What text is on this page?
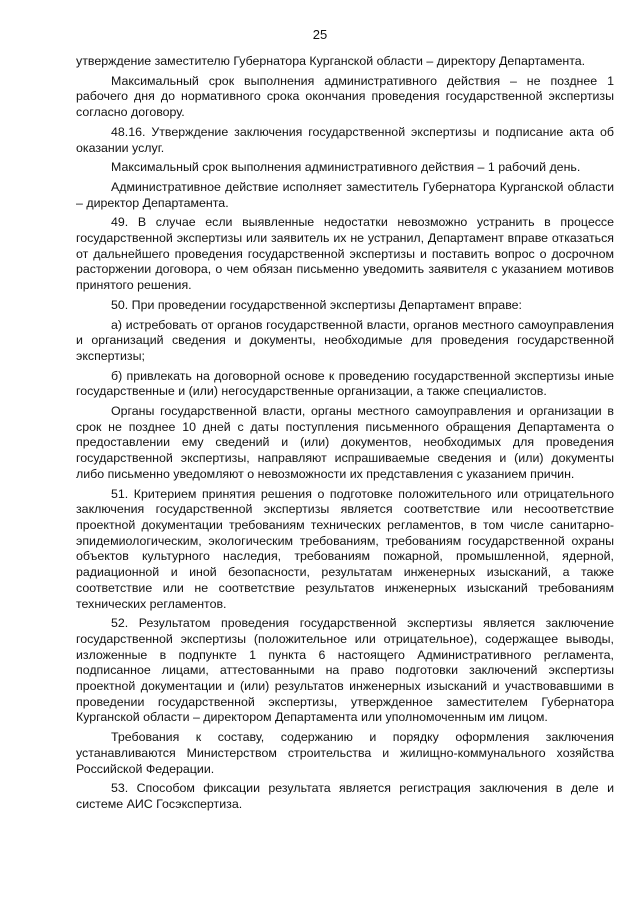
25

утверждение заместителю Губернатора Курганской области – директору Департамента.

Максимальный срок выполнения административного действия – не позднее 1 рабочего дня до нормативного срока окончания проведения государственной экспертизы согласно договору.

48.16. Утверждение заключения государственной экспертизы и подписание акта об оказании услуг.

Максимальный срок выполнения административного действия – 1 рабочий день.

Административное действие исполняет заместитель Губернатора Курганской области – директор Департамента.

49. В случае если выявленные недостатки невозможно устранить в процессе государственной экспертизы или заявитель их не устранил, Департамент вправе отказаться от дальнейшего проведения государственной экспертизы и поставить вопрос о досрочном расторжении договора, о чем обязан письменно уведомить заявителя с указанием мотивов принятого решения.

50. При проведении государственной экспертизы Департамент вправе:

а) истребовать от органов государственной власти, органов местного самоуправления и организаций сведения и документы, необходимые для проведения государственной экспертизы;

б) привлекать на договорной основе к проведению государственной экспертизы иные государственные и (или) негосударственные организации, а также специалистов.

Органы государственной власти, органы местного самоуправления и организации в срок не позднее 10 дней с даты поступления письменного обращения Департамента о предоставлении ему сведений и (или) документов, необходимых для проведения государственной экспертизы, направляют испрашиваемые сведения и (или) документы либо письменно уведомляют о невозможности их представления с указанием причин.

51. Критерием принятия решения о подготовке положительного или отрицательного заключения государственной экспертизы является соответствие или несоответствие проектной документации требованиям технических регламентов, в том числе санитарно-эпидемиологическим, экологическим требованиям, требованиям государственной охраны объектов культурного наследия, требованиям пожарной, промышленной, ядерной, радиационной и иной безопасности, результатам инженерных изысканий, а также соответствие или не соответствие результатов инженерных изысканий требованиям технических регламентов.

52. Результатом проведения государственной экспертизы является заключение государственной экспертизы (положительное или отрицательное), содержащее выводы, изложенные в подпункте 1 пункта 6 настоящего Административного регламента, подписанное лицами, аттестованными на право подготовки заключений экспертизы проектной документации и (или) результатов инженерных изысканий и участвовавшими в проведении государственной экспертизы, утвержденное заместителем Губернатора Курганской области – директором Департамента или уполномоченным им лицом.

Требования к составу, содержанию и порядку оформления заключения устанавливаются Министерством строительства и жилищно-коммунального хозяйства Российской Федерации.

53. Способом фиксации результата является регистрация заключения в деле и системе АИС Госэкспертиза.
